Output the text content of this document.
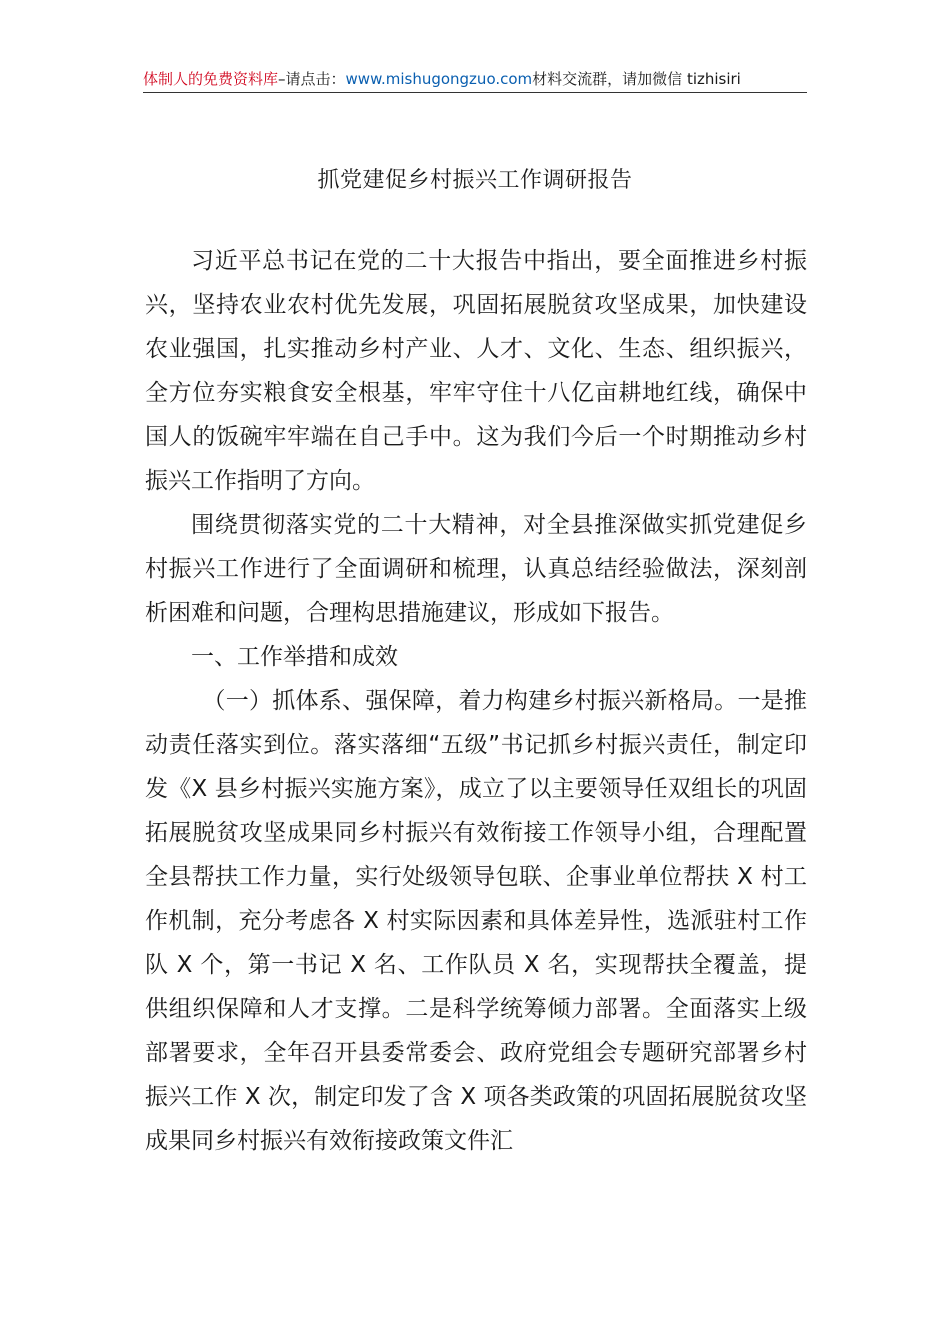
体制人的免费资料库–请点击：www.mishugongzuo.com材料交流群，请加微信 tizhisiri
抓党建促乡村振兴工作调研报告

习近平总书记在党的二十大报告中指出，要全面推进乡村振兴，坚持农业农村优先发展，巩固拓展脱贫攻坚成果，加快建设农业强国，扎实推动乡村产业、人才、文化、生态、组织振兴，全方位夯实粮食安全根基，牢牢守住十八亿亩耕地红线，确保中国人的饭碗牢牢端在自己手中。这为我们今后一个时期推动乡村振兴工作指明了方向。

围绕贯彻落实党的二十大精神，对全县推深做实抓党建促乡村振兴工作进行了全面调研和梳理，认真总结经验做法，深刻剖析困难和问题，合理构思措施建议，形成如下报告。

一、工作举措和成效

（一）抓体系、强保障，着力构建乡村振兴新格局。一是推动责任落实到位。落实落细“五级”书记抓乡村振兴责任，制定印发《X 县乡村振兴实施方案》，成立了以主要领导任双组长的巩固拓展脱贫攻坚成果同乡村振兴有效衔接工作领导小组，合理配置全县帮扶工作力量，实行处级领导包联、企事业单位帮扶 X 村工作机制，充分考虑各 X 村实际因素和具体差异性，选派驻村工作队 X 个，第一书记 X 名、工作队员 X 名，实现帮扶全覆盖，提供组织保障和人才支撑。二是科学统筹倾力部署。全面落实上级部署要求，全年召开县委常委会、政府党组会专题研究部署乡村振兴工作 X 次，制定印发了含 X 项各类政策的巩固拓展脱贫攻坚成果同乡村振兴有效衔接政策文件汇
